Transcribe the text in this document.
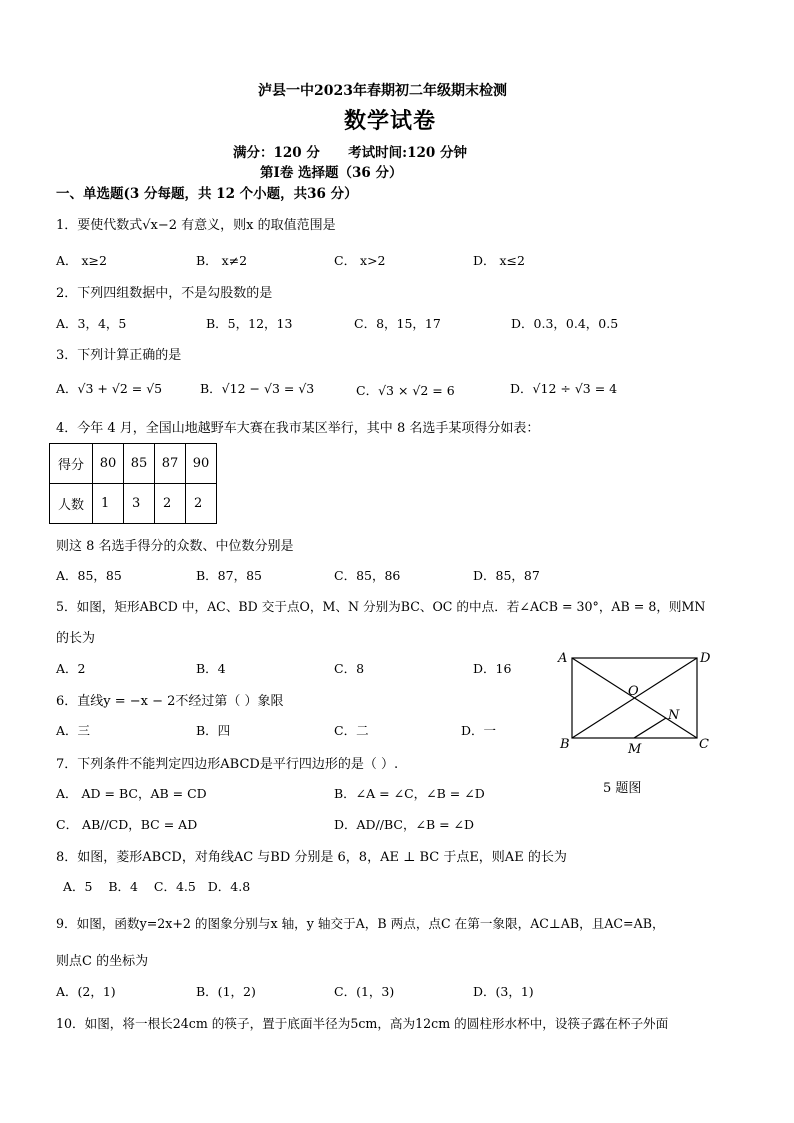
泸县一中2023年春期初二年级期末检测
数学试卷
满分：120 分      考试时间:120 分钟
第Ⅰ卷 选择题（36 分）
一、单选题(3 分每题，共 12 个小题，共36 分）
1．要使代数式√x−2 有意义，则x 的取值范围是
A． x≥2	B． x≠2	C． x>2	D． x≤2
2．下列四组数据中，不是勾股数的是
A．3，4，5	B．5，12，13	C．8，15，17	D．0.3，0.4，0.5
3．下列计算正确的是
A．√3 + √2 = √5	B．√12 − √3 = √3	C．√3 × √2 = 6	D．√12 ÷ √3 = 4
4．今年 4 月，全国山地越野车大赛在我市某区举行，其中 8 名选手某项得分如表：
得分	80	85	87	90
人数	1	3	2	2
则这 8 名选手得分的众数、中位数分别是
A．85，85	B．87，85	C．85，86	D．85，87
5．如图，矩形ABCD 中，AC、BD 交于点O，M、N 分别为BC、OC 的中点．若∠ACB = 30°，AB = 8，则MN
的长为
A．2	B．4	C．8	D．16
A	D
O
N
B	M	C
5 题图
6．直线y = −x − 2不经过第（ ）象限
A．三	B．四	C．二	D．一
7．下列条件不能判定四边形ABCD是平行四边形的是（ ）.
A． AD = BC，AB = CD	B．∠A = ∠C，∠B = ∠D
C． AB//CD，BC = AD	D．AD//BC，∠B = ∠D
8．如图，菱形ABCD，对角线AC 与BD 分别是 6，8，AE ⊥ BC 于点E，则AE 的长为
A．5    B．4    C．4.5   D．4.8
9．如图，函数y=2x+2 的图象分别与x 轴，y 轴交于A，B 两点，点C 在第一象限，AC⊥AB，且AC=AB，
则点C 的坐标为
A．(2，1)	B．(1，2)	C．(1，3)	D．(3，1)
10．如图，将一根长24cm 的筷子，置于底面半径为5cm，高为12cm 的圆柱形水杯中，设筷子露在杯子外面
